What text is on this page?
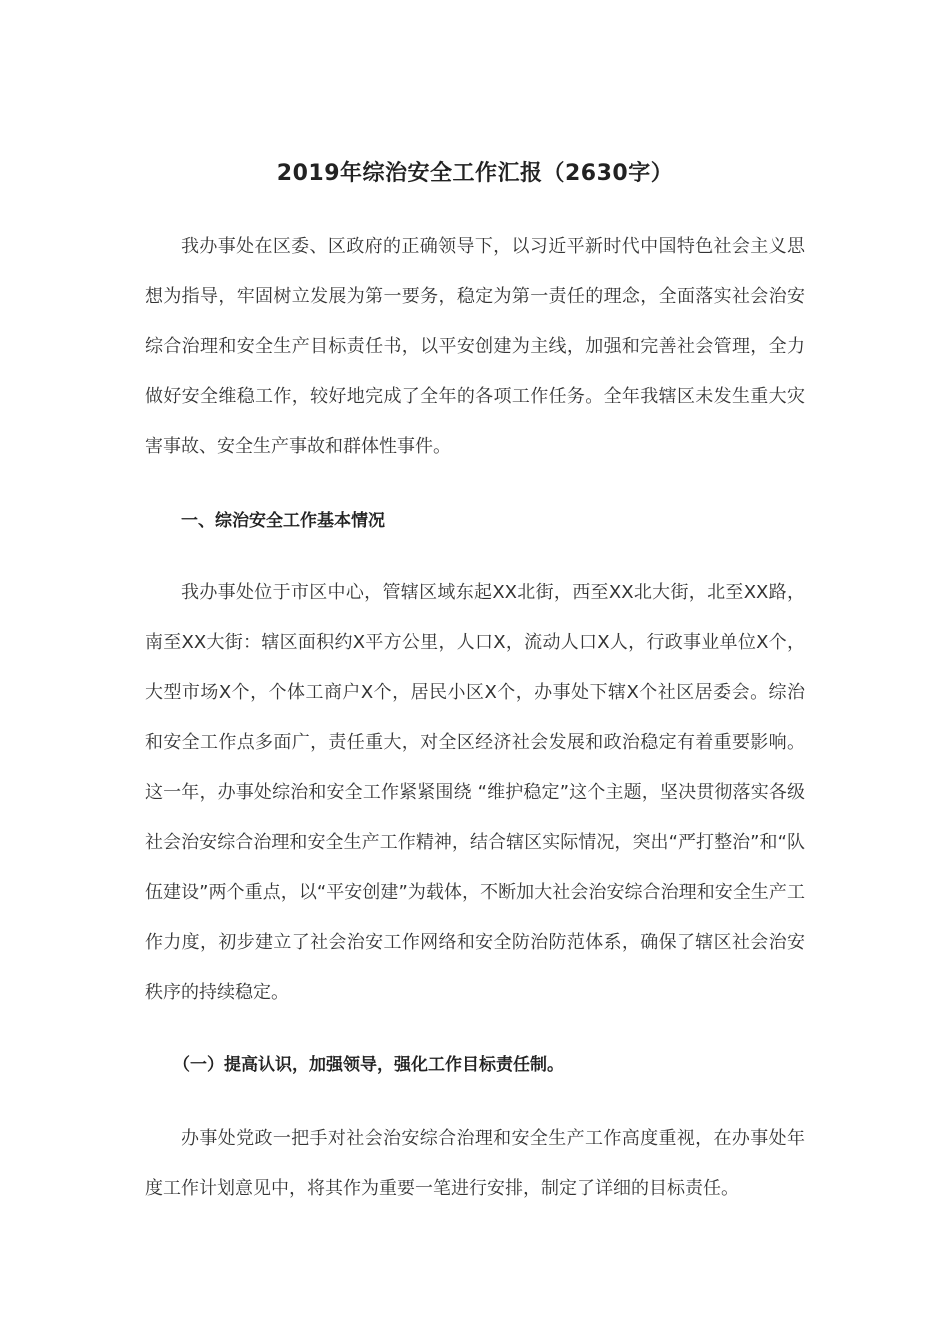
2019年综治安全工作汇报（2630字）

我办事处在区委、区政府的正确领导下，以习近平新时代中国特色社会主义思想为指导，牢固树立发展为第一要务，稳定为第一责任的理念，全面落实社会治安综合治理和安全生产目标责任书，以平安创建为主线，加强和完善社会管理，全力做好安全维稳工作，较好地完成了全年的各项工作任务。全年我辖区未发生重大灾害事故、安全生产事故和群体性事件。

一、综治安全工作基本情况

我办事处位于市区中心，管辖区域东起XX北街，西至XX北大街，北至XX路，南至XX大街：辖区面积约X平方公里，人口X，流动人口X人，行政事业单位X个，大型市场X个，个体工商户X个，居民小区X个，办事处下辖X个社区居委会。综治和安全工作点多面广，责任重大，对全区经济社会发展和政治稳定有着重要影响。这一年，办事处综治和安全工作紧紧围绕 “维护稳定”这个主题，坚决贯彻落实各级社会治安综合治理和安全生产工作精神，结合辖区实际情况，突出“严打整治”和“队伍建设”两个重点，以“平安创建”为载体，不断加大社会治安综合治理和安全生产工作力度，初步建立了社会治安工作网络和安全防治防范体系，确保了辖区社会治安秩序的持续稳定。

（一）提高认识，加强领导，强化工作目标责任制。

办事处党政一把手对社会治安综合治理和安全生产工作高度重视，在办事处年度工作计划意见中，将其作为重要一笔进行安排，制定了详细的目标责任。
